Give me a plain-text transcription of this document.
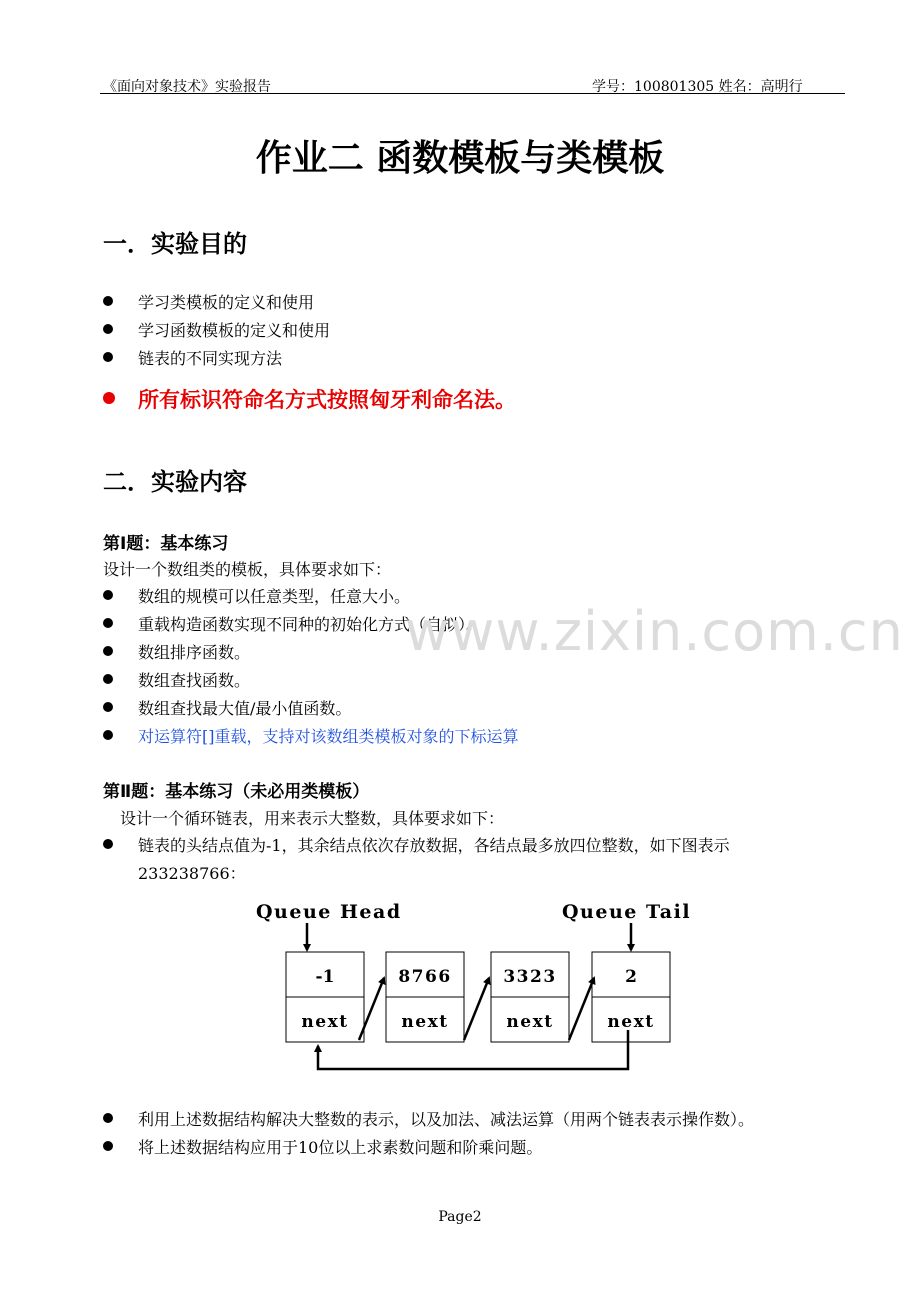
《面向对象技术》实验报告	学号：100801305 姓名：高明行
作业二 函数模板与类模板
一．实验目的
学习类模板的定义和使用
学习函数模板的定义和使用
链表的不同实现方法
所有标识符命名方式按照匈牙利命名法。
二．实验内容
第Ⅰ题：基本练习
设计一个数组类的模板，具体要求如下：
数组的规模可以任意类型，任意大小。
重载构造函数实现不同种的初始化方式（自拟）。
数组排序函数。
数组查找函数。
数组查找最大值/最小值函数。
对运算符[]重载，支持对该数组类模板对象的下标运算
第Ⅱ题：基本练习（未必用类模板）
设计一个循环链表，用来表示大整数，具体要求如下：
链表的头结点值为-1，其余结点依次存放数据，各结点最多放四位整数，如下图表示
233238766：
Queue Head	Queue Tail
-1
next
8766
next
3323
next
2
next
利用上述数据结构解决大整数的表示，以及加法、减法运算（用两个链表表示操作数）。
将上述数据结构应用于10位以上求素数问题和阶乘问题。
www.zixin.com.cn
Page2
